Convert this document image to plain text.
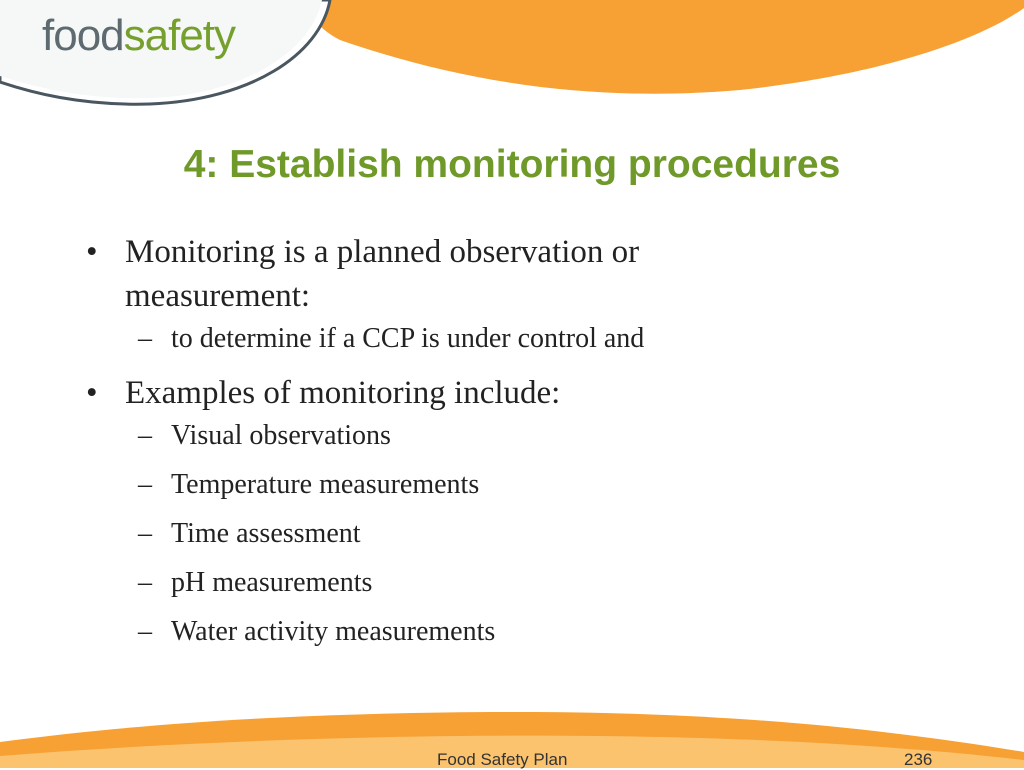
foodsafety
4: Establish monitoring procedures
• Monitoring is a planned observation or measurement:
– to determine if a CCP is under control and
• Examples of monitoring include:
– Visual observations
– Temperature measurements
– Time assessment
– pH measurements
– Water activity measurements
Food Safety Plan	236
